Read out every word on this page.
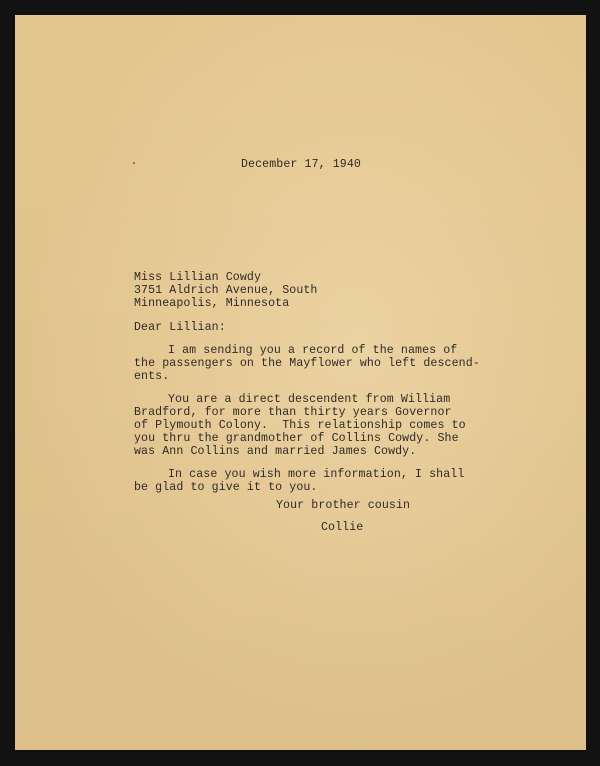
December 17, 1940
Miss Lillian Cowdy
3751 Aldrich Avenue, South
Minneapolis, Minnesota
Dear Lillian:
I am sending you a record of the names of
the passengers on the Mayflower who left descend-
ents.
You are a direct descendent from William
Bradford, for more than thirty years Governor
of Plymouth Colony.  This relationship comes to
you thru the grandmother of Collins Cowdy. She
was Ann Collins and married James Cowdy.
In case you wish more information, I shall
be glad to give it to you.
Your brother cousin
Collie
